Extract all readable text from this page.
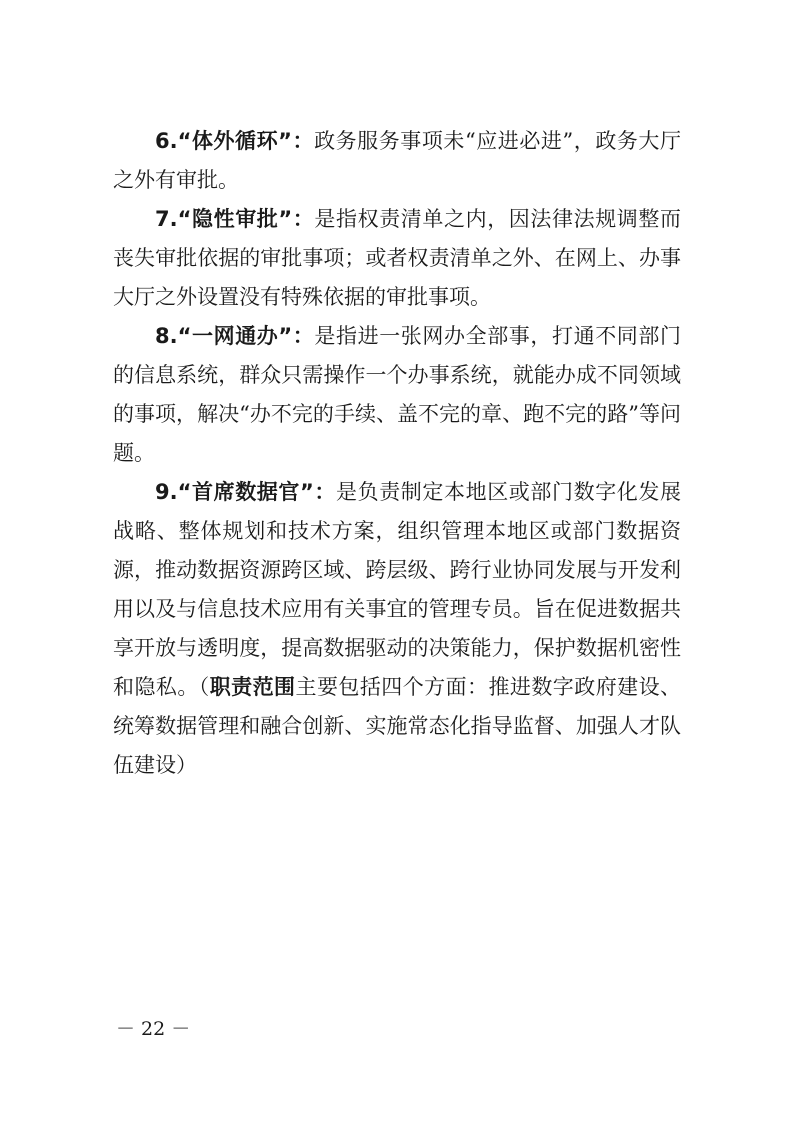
6.“体外循环”：政务服务事项未“应进必进”，政务大厅之外有审批。

7.“隐性审批”：是指权责清单之内，因法律法规调整而丧失审批依据的审批事项；或者权责清单之外、在网上、办事大厅之外设置没有特殊依据的审批事项。

8.“一网通办”：是指进一张网办全部事，打通不同部门的信息系统，群众只需操作一个办事系统，就能办成不同领域的事项，解决“办不完的手续、盖不完的章、跑不完的路”等问题。

9.“首席数据官”：是负责制定本地区或部门数字化发展战略、整体规划和技术方案，组织管理本地区或部门数据资源，推动数据资源跨区域、跨层级、跨行业协同发展与开发利用以及与信息技术应用有关事宜的管理专员。旨在促进数据共享开放与透明度，提高数据驱动的决策能力，保护数据机密性和隐私。（职责范围主要包括四个方面：推进数字政府建设、统筹数据管理和融合创新、实施常态化指导监督、加强人才队伍建设）

－ 22 －
